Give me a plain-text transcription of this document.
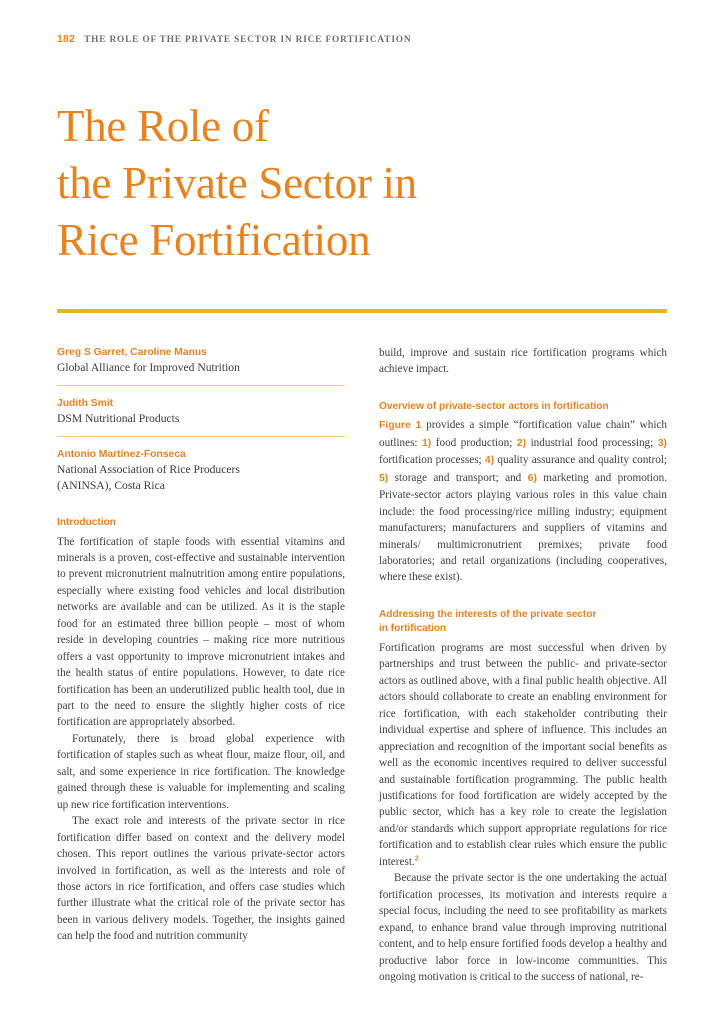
182 THE ROLE OF THE PRIVATE SECTOR IN RICE FORTIFICATION
The Role of
the Private Sector in
Rice Fortification
Greg S Garret, Caroline Manus
Global Alliance for Improved Nutrition
Judith Smit
DSM Nutritional Products
Antonio Martínez-Fonseca
National Association of Rice Producers
(ANINSA), Costa Rica
Introduction

The fortification of staple foods with essential vitamins and minerals is a proven, cost-effective and sustainable intervention to prevent micronutrient malnutrition among entire populations, especially where existing food vehicles and local distribution networks are available and can be utilized. As it is the staple food for an estimated three billion people – most of whom reside in developing countries – making rice more nutritious offers a vast opportunity to improve micronutrient intakes and the health status of entire populations. However, to date rice fortification has been an underutilized public health tool, due in part to the need to ensure the slightly higher costs of rice fortification are appropriately absorbed.

Fortunately, there is broad global experience with fortification of staples such as wheat flour, maize flour, oil, and salt, and some experience in rice fortification. The knowledge gained through these is valuable for implementing and scaling up new rice fortification interventions.

The exact role and interests of the private sector in rice fortification differ based on context and the delivery model chosen. This report outlines the various private-sector actors involved in fortification, as well as the interests and role of those actors in rice fortification, and offers case studies which further illustrate what the critical role of the private sector has been in various delivery models. Together, the insights gained can help the food and nutrition community

build, improve and sustain rice fortification programs which achieve impact.

Overview of private-sector actors in fortification

Figure 1 provides a simple “fortification value chain” which outlines: 1) food production; 2) industrial food processing; 3) fortification processes; 4) quality assurance and quality control; 5) storage and transport; and 6) marketing and promotion. Private-sector actors playing various roles in this value chain include: the food processing/rice milling industry; equipment manufacturers; manufacturers and suppliers of vitamins and minerals/ multimicronutrient premixes; private food laboratories; and retail organizations (including cooperatives, where these exist).

Addressing the interests of the private sector
in fortification

Fortification programs are most successful when driven by partnerships and trust between the public- and private-sector actors as outlined above, with a final public health objective. All actors should collaborate to create an enabling environment for rice fortification, with each stakeholder contributing their individual expertise and sphere of influence. This includes an appreciation and recognition of the important social benefits as well as the economic incentives required to deliver successful and sustainable fortification programming. The public health justifications for food fortification are widely accepted by the public sector, which has a key role to create the legislation and/or standards which support appropriate regulations for rice fortification and to establish clear rules which ensure the public interest.$^2$

Because the private sector is the one undertaking the actual fortification processes, its motivation and interests require a special focus, including the need to see profitability as markets expand, to enhance brand value through improving nutritional content, and to help ensure fortified foods develop a healthy and productive labor force in low-income communities. This ongoing motivation is critical to the success of national, re-
